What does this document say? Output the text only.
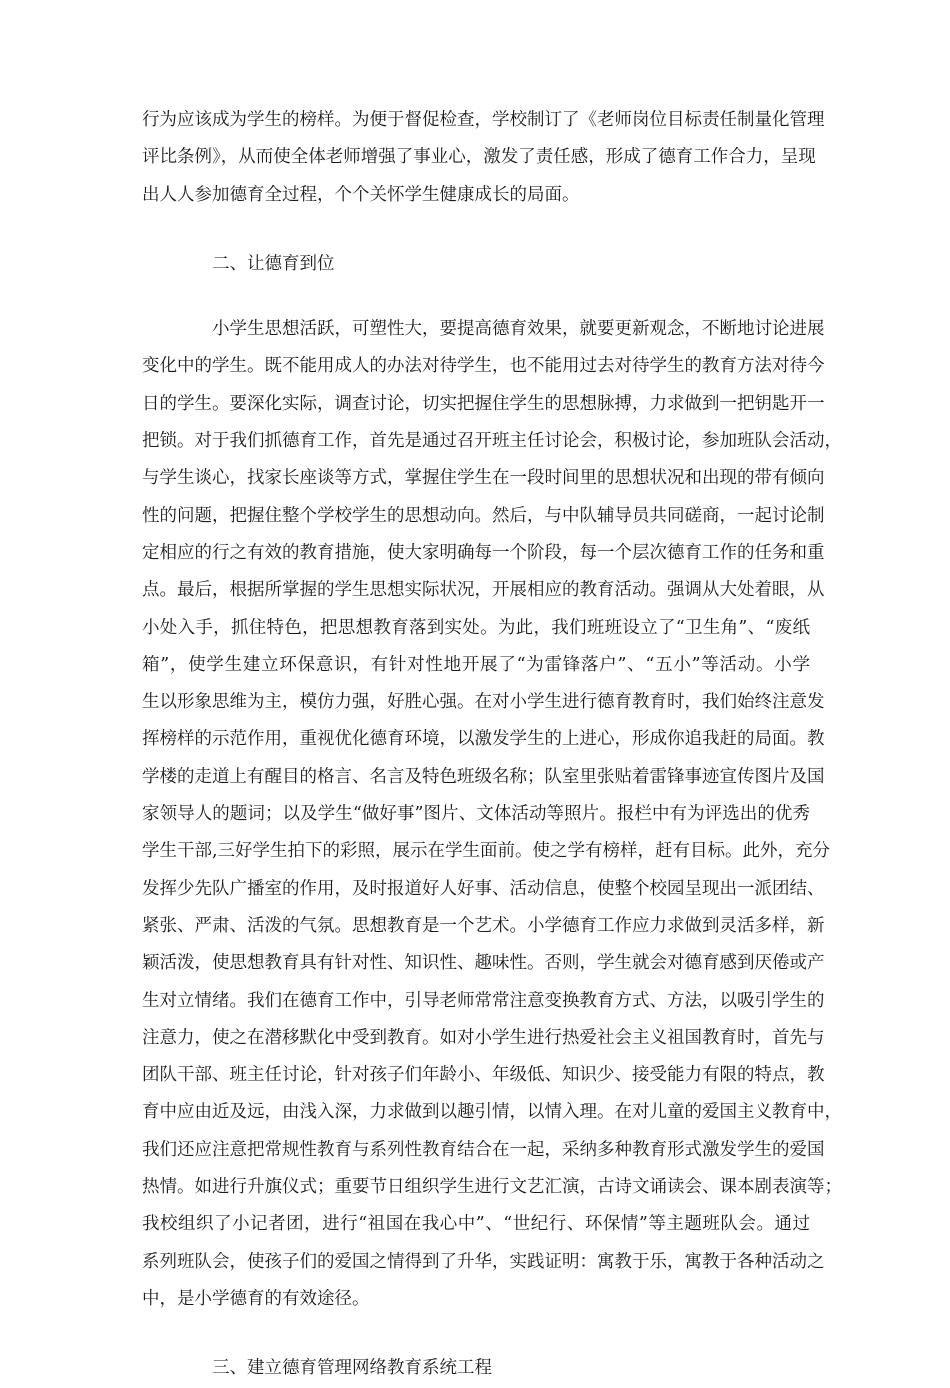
行为应该成为学生的榜样。为便于督促检查，学校制订了《老师岗位目标责任制量化管理
评比条例》，从而使全体老师增强了事业心，激发了责任感，形成了德育工作合力，呈现
出人人参加德育全过程，个个关怀学生健康成长的局面。
二、让德育到位
小学生思想活跃，可塑性大，要提高德育效果，就要更新观念，不断地讨论进展
变化中的学生。既不能用成人的办法对待学生，也不能用过去对待学生的教育方法对待今
日的学生。要深化实际，调查讨论，切实把握住学生的思想脉搏，力求做到一把钥匙开一
把锁。对于我们抓德育工作，首先是通过召开班主任讨论会，积极讨论，参加班队会活动，
与学生谈心，找家长座谈等方式，掌握住学生在一段时间里的思想状况和出现的带有倾向
性的问题，把握住整个学校学生的思想动向。然后，与中队辅导员共同磋商，一起讨论制
定相应的行之有效的教育措施，使大家明确每一个阶段，每一个层次德育工作的任务和重
点。最后，根据所掌握的学生思想实际状况，开展相应的教育活动。强调从大处着眼，从
小处入手，抓住特色，把思想教育落到实处。为此，我们班班设立了“卫生角”、“废纸
箱”，使学生建立环保意识，有针对性地开展了“为雷锋落户”、“五小”等活动。小学
生以形象思维为主，模仿力强，好胜心强。在对小学生进行德育教育时，我们始终注意发
挥榜样的示范作用，重视优化德育环境，以激发学生的上进心，形成你追我赶的局面。教
学楼的走道上有醒目的格言、名言及特色班级名称；队室里张贴着雷锋事迹宣传图片及国
家领导人的题词；以及学生“做好事”图片、文体活动等照片。报栏中有为评选出的优秀
学生干部,三好学生拍下的彩照，展示在学生面前。使之学有榜样，赶有目标。此外，充分
发挥少先队广播室的作用，及时报道好人好事、活动信息，使整个校园呈现出一派团结、
紧张、严肃、活泼的气氛。思想教育是一个艺术。小学德育工作应力求做到灵活多样，新
颖活泼，使思想教育具有针对性、知识性、趣味性。否则，学生就会对德育感到厌倦或产
生对立情绪。我们在德育工作中，引导老师常常注意变换教育方式、方法，以吸引学生的
注意力，使之在潜移默化中受到教育。如对小学生进行热爱社会主义祖国教育时，首先与
团队干部、班主任讨论，针对孩子们年龄小、年级低、知识少、接受能力有限的特点，教
育中应由近及远，由浅入深，力求做到以趣引情，以情入理。在对儿童的爱国主义教育中，
我们还应注意把常规性教育与系列性教育结合在一起，采纳多种教育形式激发学生的爱国
热情。如进行升旗仪式；重要节日组织学生进行文艺汇演，古诗文诵读会、课本剧表演等；
我校组织了小记者团，进行“祖国在我心中”、“世纪行、环保情”等主题班队会。通过
系列班队会，使孩子们的爱国之情得到了升华，实践证明：寓教于乐，寓教于各种活动之
中，是小学德育的有效途径。
三、建立德育管理网络教育系统工程
